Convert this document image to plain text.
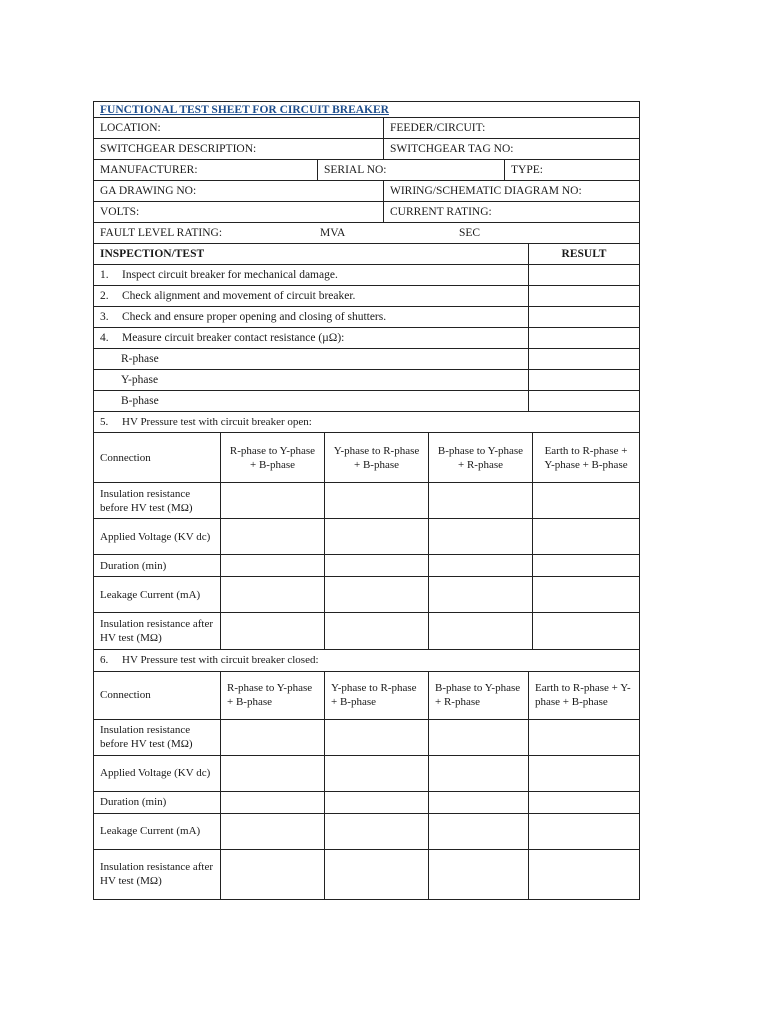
FUNCTIONAL TEST SHEET FOR CIRCUIT BREAKER			
LOCATION:		FEEDER/CIRCUIT:	
SWITCHGEAR DESCRIPTION:		SWITCHGEAR TAG NO:	
MANUFACTURER:	SERIAL NO:		TYPE:
GA DRAWING NO:		WIRING/SCHEMATIC DIAGRAM NO:	
VOLTS:		CURRENT RATING:	
FAULT LEVEL RATING: MVA SEC			
INSPECTION/TEST	RESULT
1. Inspect circuit breaker for mechanical damage.	
2. Check alignment and movement of circuit breaker.	
3. Check and ensure proper opening and closing of shutters.	
4. Measure circuit breaker contact resistance (µΩ):	
R-phase	
Y-phase	
B-phase	
5. HV Pressure test with circuit breaker open:				
Connection	R-phase to Y-phase + B-phase	Y-phase to R-phase + B-phase	B-phase to Y-phase + R-phase	Earth to R-phase + Y-phase + B-phase
Insulation resistance before HV test (MΩ)				
Applied Voltage (KV dc)				
Duration (min)				
Leakage Current (mA)				
Insulation resistance after HV test (MΩ)				
6. HV Pressure test with circuit breaker closed:				
Connection	R-phase to Y-phase + B-phase	Y-phase to R-phase + B-phase	B-phase to Y-phase + R-phase	Earth to R-phase + Y-phase + B-phase
Insulation resistance before HV test (MΩ)				
Applied Voltage (KV dc)				
Duration (min)				
Leakage Current (mA)				
Insulation resistance after HV test (MΩ)				
